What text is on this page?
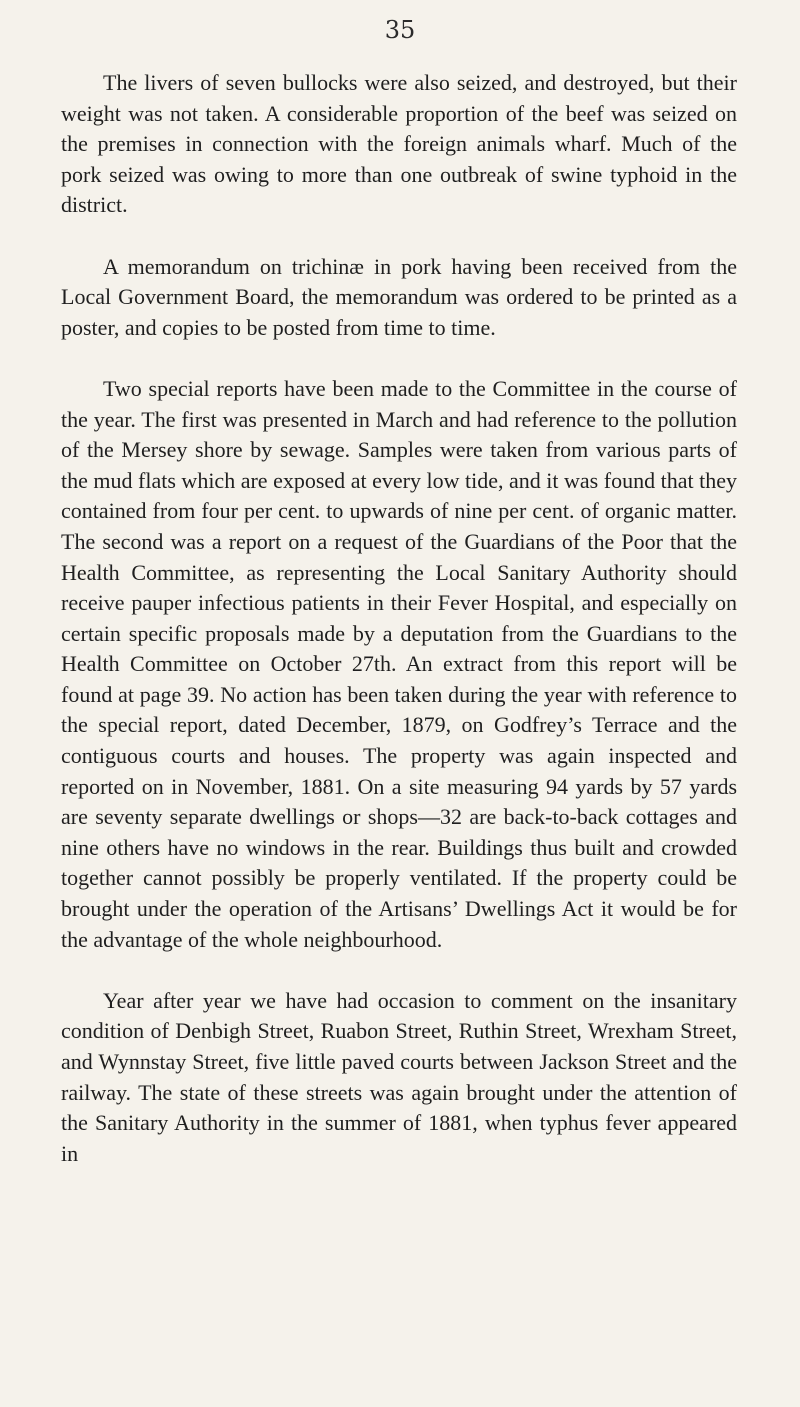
35

The livers of seven bullocks were also seized, and destroyed, but their weight was not taken. A considerable proportion of the beef was seized on the premises in connection with the foreign animals wharf. Much of the pork seized was owing to more than one outbreak of swine typhoid in the district.

A memorandum on trichinæ in pork having been received from the Local Government Board, the memorandum was ordered to be printed as a poster, and copies to be posted from time to time.

Two special reports have been made to the Committee in the course of the year. The first was presented in March and had reference to the pollution of the Mersey shore by sewage. Samples were taken from various parts of the mud flats which are exposed at every low tide, and it was found that they contained from four per cent. to upwards of nine per cent. of organic matter. The second was a report on a request of the Guardians of the Poor that the Health Committee, as representing the Local Sanitary Authority should receive pauper infectious patients in their Fever Hospital, and especially on certain specific proposals made by a deputation from the Guardians to the Health Committee on October 27th. An extract from this report will be found at page 39. No action has been taken during the year with reference to the special report, dated December, 1879, on Godfrey’s Terrace and the contiguous courts and houses. The property was again inspected and reported on in November, 1881. On a site measuring 94 yards by 57 yards are seventy separate dwellings or shops—32 are back-to-back cottages and nine others have no windows in the rear. Buildings thus built and crowded together cannot possibly be properly ventilated. If the property could be brought under the operation of the Artisans’ Dwellings Act it would be for the advantage of the whole neighbourhood.

Year after year we have had occasion to comment on the insanitary condition of Denbigh Street, Ruabon Street, Ruthin Street, Wrexham Street, and Wynnstay Street, five little paved courts between Jackson Street and the railway. The state of these streets was again brought under the attention of the Sanitary Authority in the summer of 1881, when typhus fever appeared in
